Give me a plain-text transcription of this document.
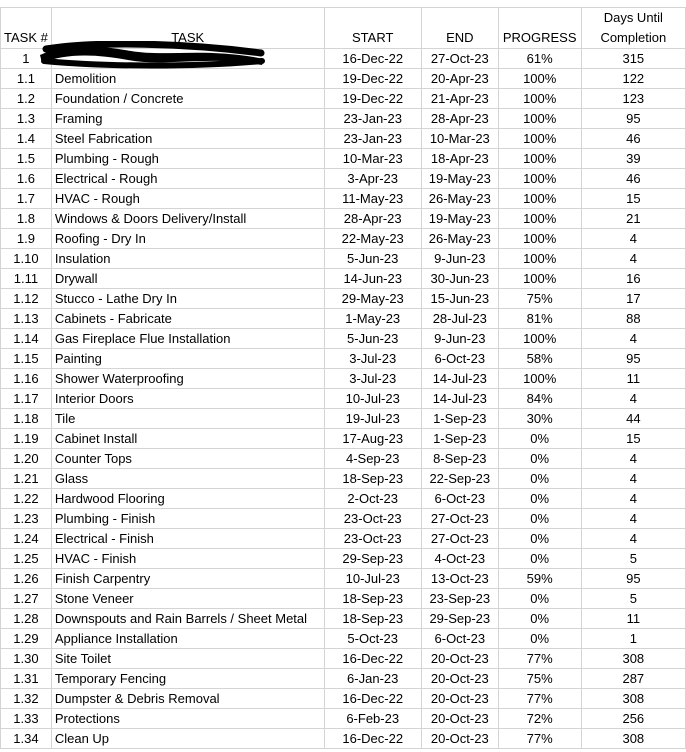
TASK #	TASK	START	END	PROGRESS	Days Until
Completion

1		16-Dec-22	27-Oct-23	61%	315
1.1	Demolition	19-Dec-22	20-Apr-23	100%	122
1.2	Foundation / Concrete	19-Dec-22	21-Apr-23	100%	123
1.3	Framing	23-Jan-23	28-Apr-23	100%	95
1.4	Steel Fabrication	23-Jan-23	10-Mar-23	100%	46
1.5	Plumbing - Rough	10-Mar-23	18-Apr-23	100%	39
1.6	Electrical - Rough	3-Apr-23	19-May-23	100%	46
1.7	HVAC - Rough	11-May-23	26-May-23	100%	15
1.8	Windows & Doors Delivery/Install	28-Apr-23	19-May-23	100%	21
1.9	Roofing - Dry In	22-May-23	26-May-23	100%	4
1.10	Insulation	5-Jun-23	9-Jun-23	100%	4
1.11	Drywall	14-Jun-23	30-Jun-23	100%	16
1.12	Stucco - Lathe Dry In	29-May-23	15-Jun-23	75%	17
1.13	Cabinets - Fabricate	1-May-23	28-Jul-23	81%	88
1.14	Gas Fireplace Flue Installation	5-Jun-23	9-Jun-23	100%	4
1.15	Painting	3-Jul-23	6-Oct-23	58%	95
1.16	Shower Waterproofing	3-Jul-23	14-Jul-23	100%	11
1.17	Interior Doors	10-Jul-23	14-Jul-23	84%	4
1.18	Tile	19-Jul-23	1-Sep-23	30%	44
1.19	Cabinet Install	17-Aug-23	1-Sep-23	0%	15
1.20	Counter Tops	4-Sep-23	8-Sep-23	0%	4
1.21	Glass	18-Sep-23	22-Sep-23	0%	4
1.22	Hardwood Flooring	2-Oct-23	6-Oct-23	0%	4
1.23	Plumbing - Finish	23-Oct-23	27-Oct-23	0%	4
1.24	Electrical - Finish	23-Oct-23	27-Oct-23	0%	4
1.25	HVAC - Finish	29-Sep-23	4-Oct-23	0%	5
1.26	Finish Carpentry	10-Jul-23	13-Oct-23	59%	95
1.27	Stone Veneer	18-Sep-23	23-Sep-23	0%	5
1.28	Downspouts and Rain Barrels / Sheet Metal	18-Sep-23	29-Sep-23	0%	11
1.29	Appliance Installation	5-Oct-23	6-Oct-23	0%	1
1.30	Site Toilet	16-Dec-22	20-Oct-23	77%	308
1.31	Temporary Fencing	6-Jan-23	20-Oct-23	75%	287
1.32	Dumpster & Debris Removal	16-Dec-22	20-Oct-23	77%	308
1.33	Protections	6-Feb-23	20-Oct-23	72%	256
1.34	Clean Up	16-Dec-22	20-Oct-23	77%	308
